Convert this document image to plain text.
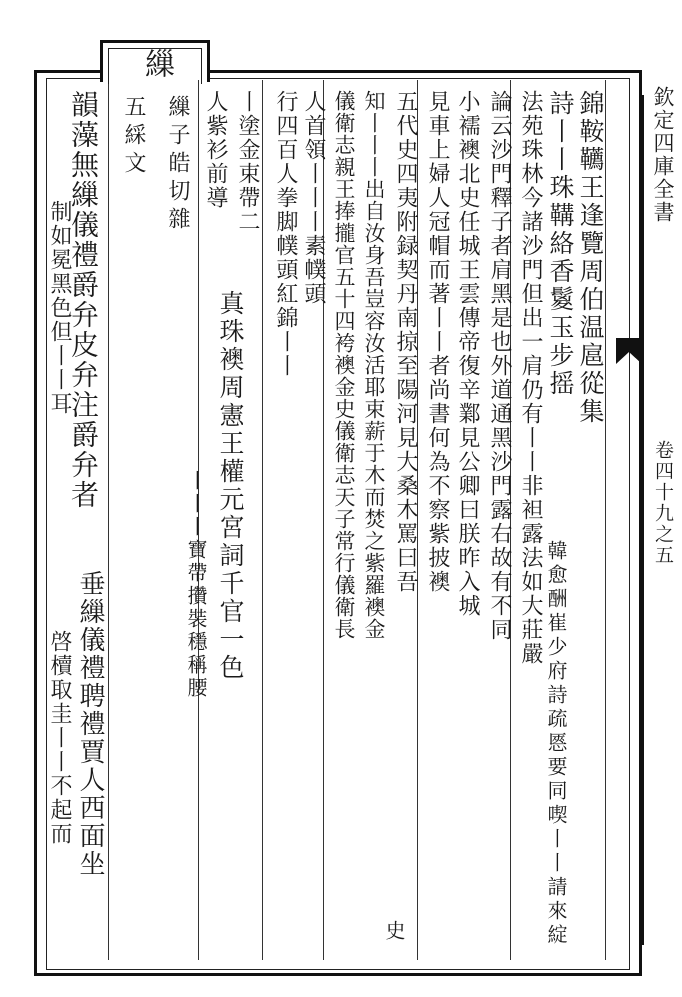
欽定四庫全書
卷四十九之五
錦鞍韉王逢覽周伯温扈從集
詩丨丨珠鞲絡香鬉玉步摇
韓愈酬崔少府詩疏㥦要同喫丨丨請來綻
法苑珠林今諸沙門但出一肩仍有丨丨非袒露法如大莊嚴
論云沙門釋子者肩黑是也外道通黑沙門露右故有不同
小襦襖北史任城王雲傳帝復辛鄴見公卿曰朕昨入城
見車上婦人冠帽而著丨丨者尚書何為不察紫披襖
五代史四夷附録契丹南掠至陽河見大桑木罵曰吾
知丨丨丨出自汝身吾豈容汝活耶束薪于木而焚之紫羅襖金
儀衛志親王捧攏官五十四袴襖金史儀衛志天子常行儀衛長
人首領丨丨丨素幞頭
行四百人拳脚幞頭紅錦丨丨
丨塗金束帶二
真珠襖周憲王權元宮詞千官一色
丨丨丨寶帶攢裝穩稱腰
人紫衫前導
繅
繅子皓切雜
五綵文
韻藻無繅儀禮爵弁皮弁注爵弁者
制如冕黑色但丨丨耳
垂繅儀禮聘禮賈人西面坐
啓櫝取圭丨丨不起而
史
